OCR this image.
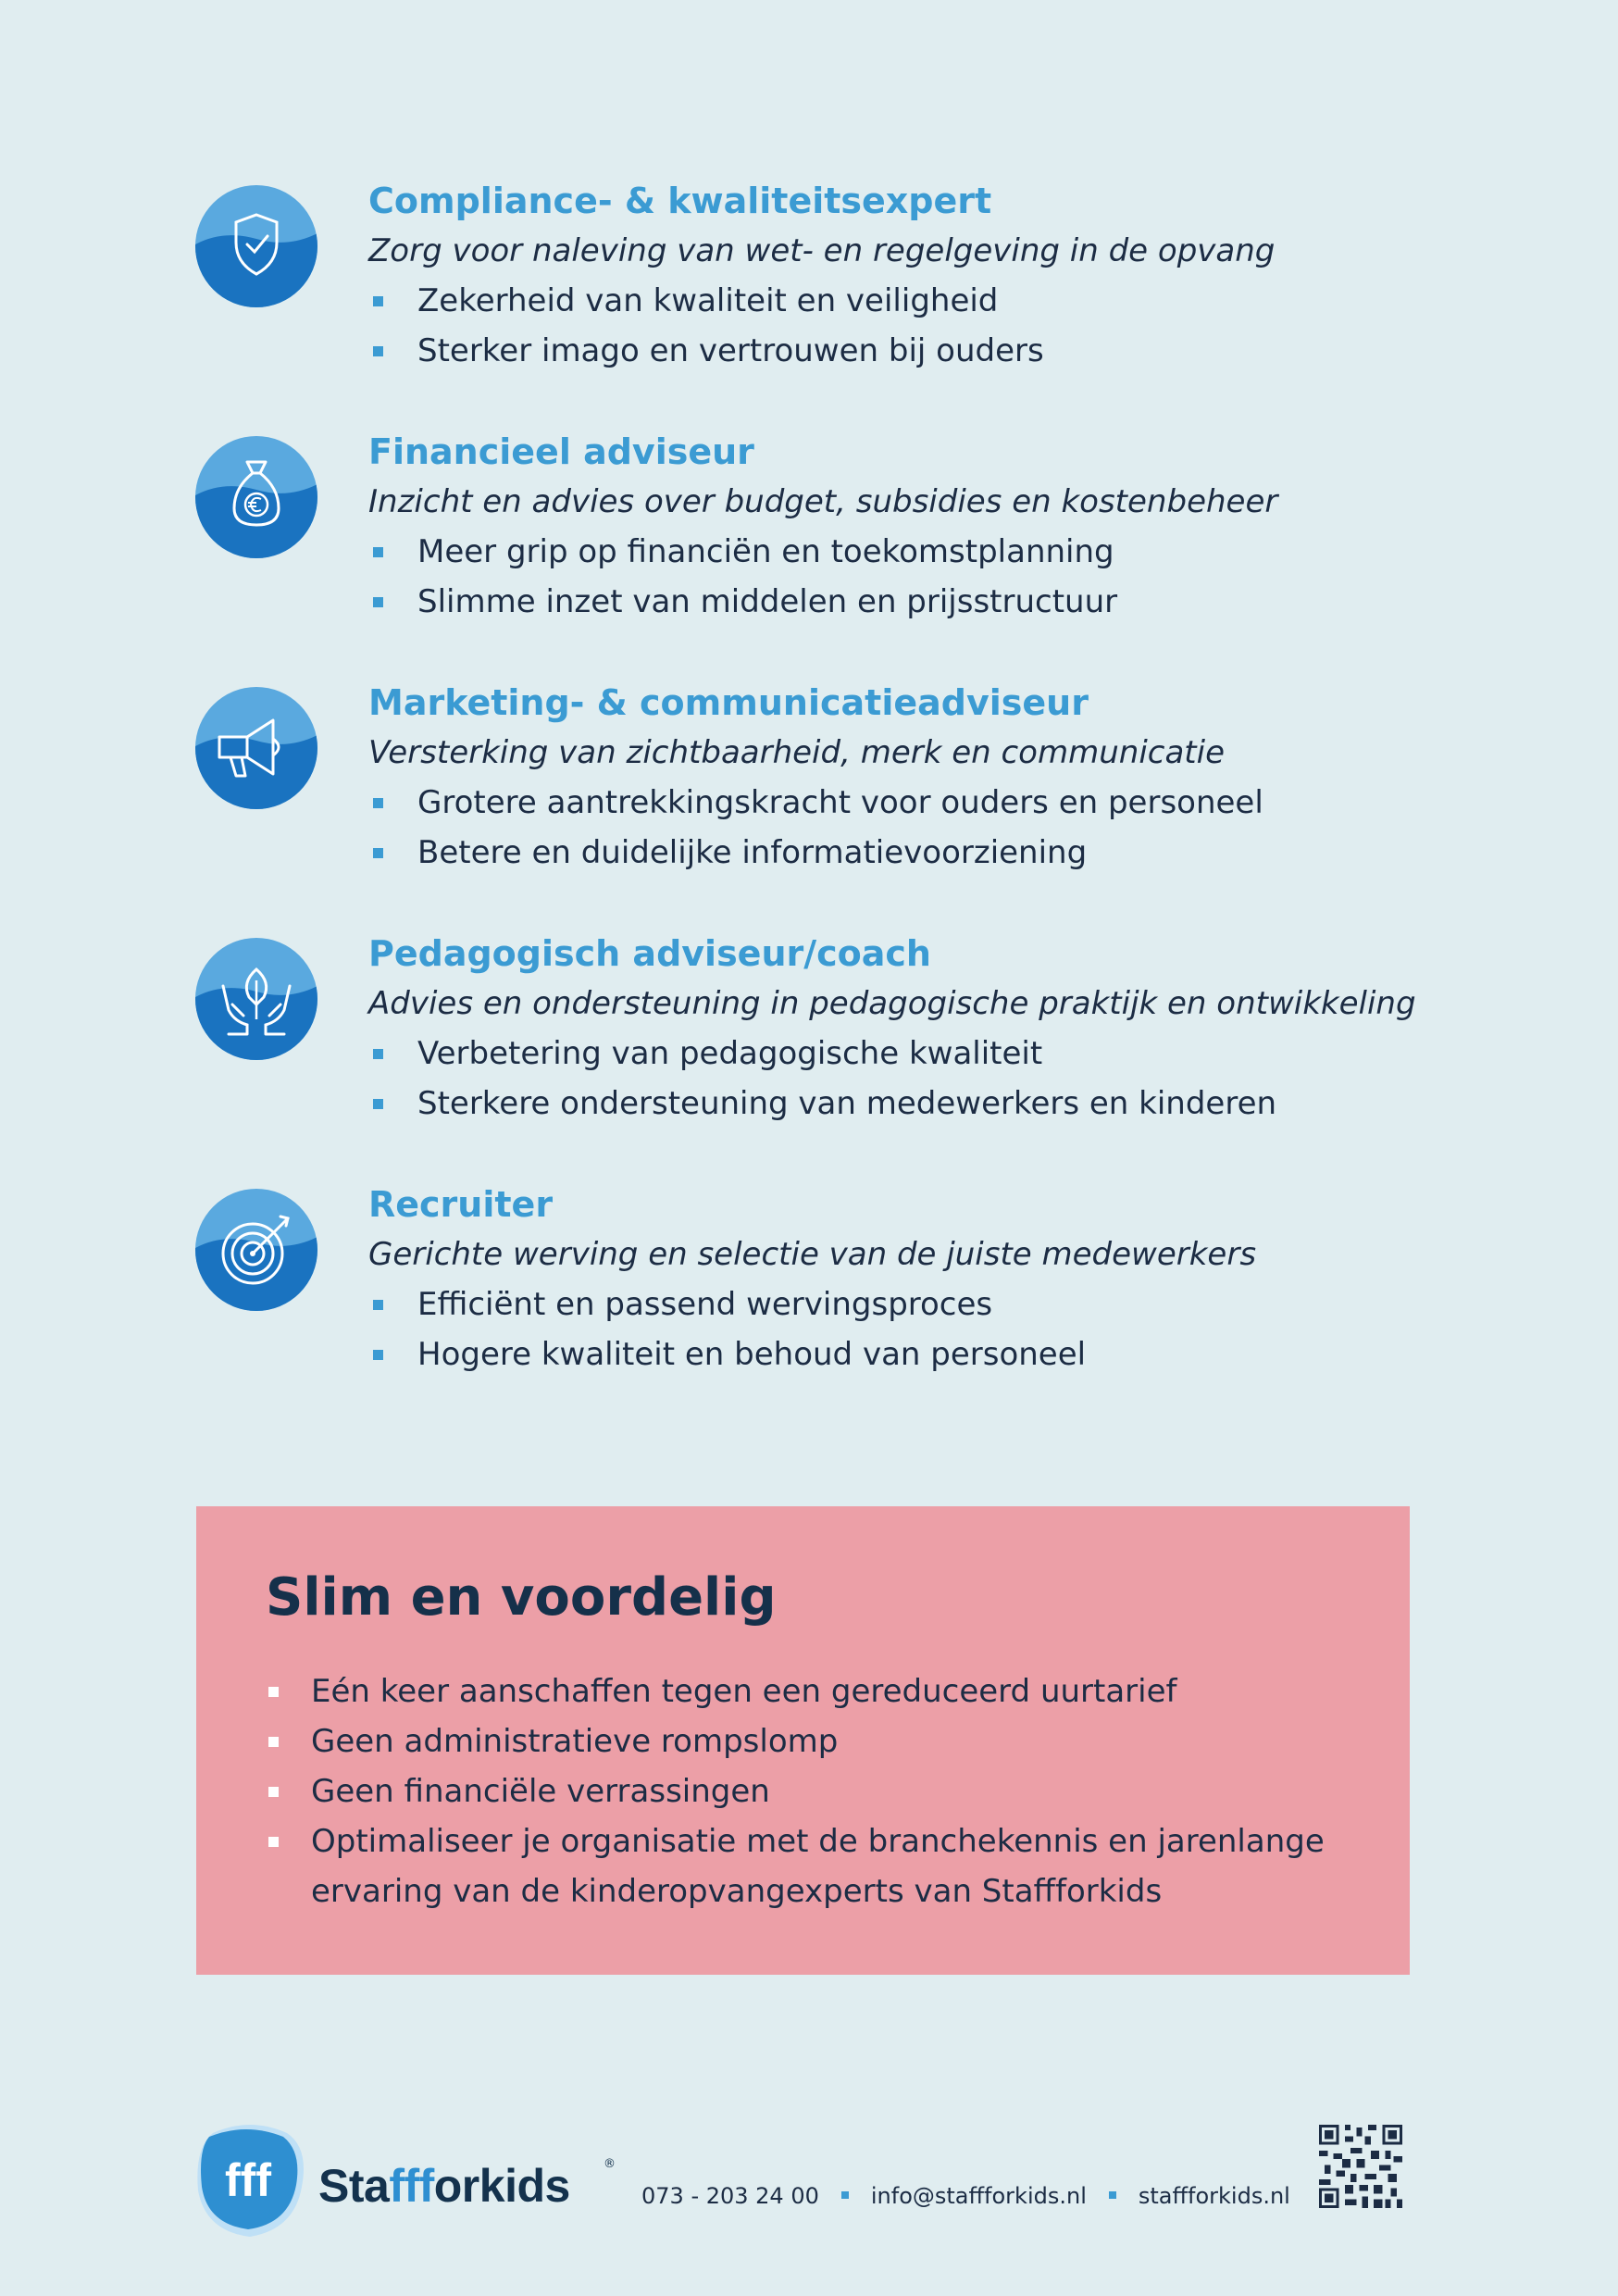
Compliance- & kwaliteitsexpert
Zorg voor naleving van wet- en regelgeving in de opvang
Zekerheid van kwaliteit en veiligheid
Sterker imago en vertrouwen bij ouders
Financieel adviseur
Inzicht en advies over budget, subsidies en kostenbeheer
Meer grip op financiën en toekomstplanning
Slimme inzet van middelen en prijsstructuur
Marketing- & communicatieadviseur
Versterking van zichtbaarheid, merk en communicatie
Grotere aantrekkingskracht voor ouders en personeel
Betere en duidelijke informatievoorziening
Pedagogisch adviseur/coach
Advies en ondersteuning in pedagogische praktijk en ontwikkeling
Verbetering van pedagogische kwaliteit
Sterkere ondersteuning van medewerkers en kinderen
Recruiter
Gerichte werving en selectie van de juiste medewerkers
Efficiënt en passend wervingsproces
Hogere kwaliteit en behoud van personeel
Slim en voordelig
Eén keer aanschaffen tegen een gereduceerd uurtarief
Geen administratieve rompslomp
Geen financiële verrassingen
Optimaliseer je organisatie met de branchekennis en jarenlange ervaring van de kinderopvangexperts van Staffforkids
fff Staffforkids	®
073 - 203 24 00 info@staffforkids.nl staffforkids.nl
